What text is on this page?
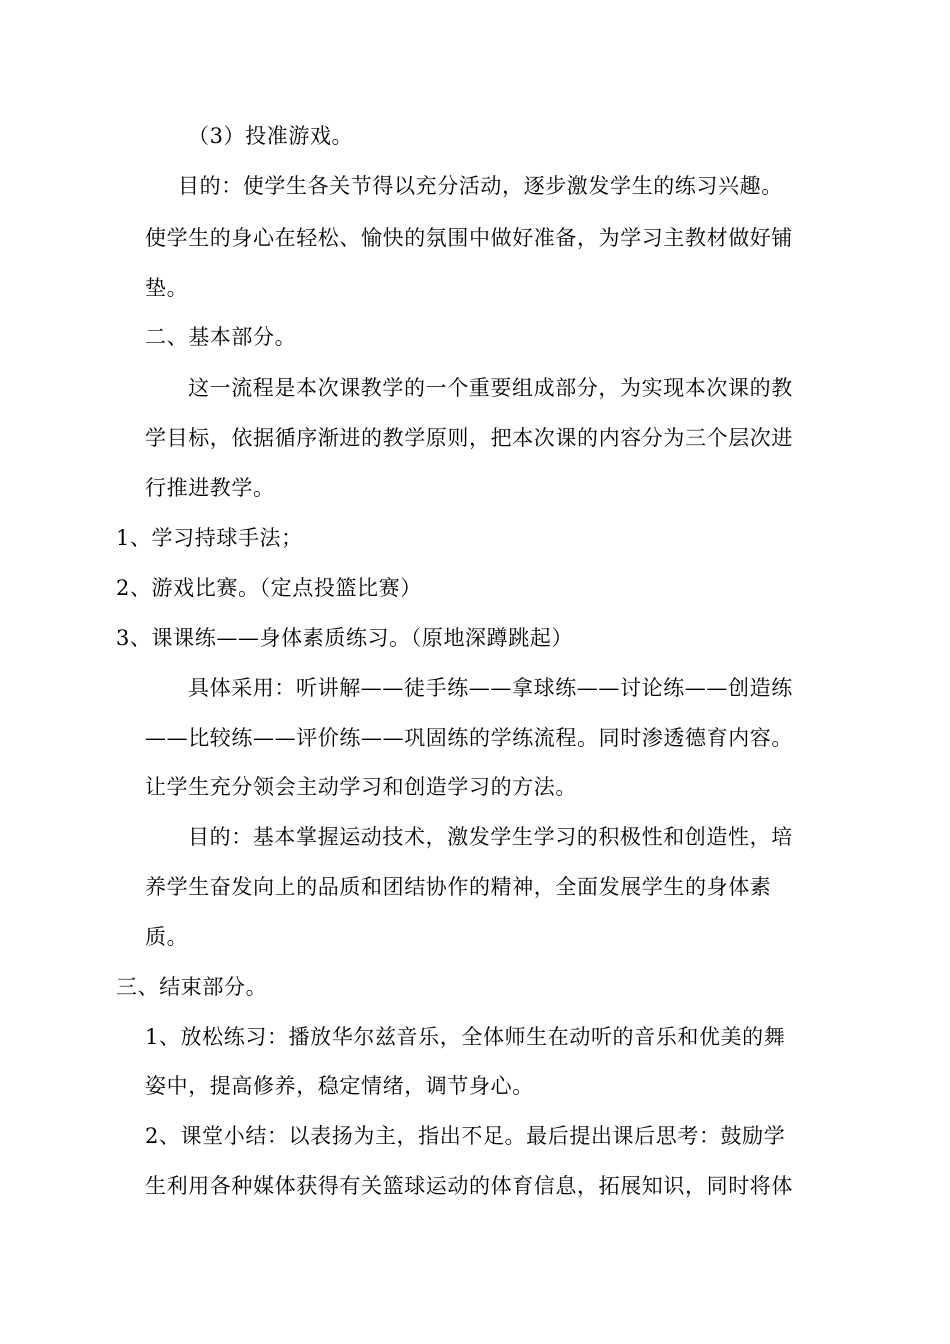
（3）投准游戏。
目的：使学生各关节得以充分活动，逐步激发学生的练习兴趣。
使学生的身心在轻松、愉快的氛围中做好准备，为学习主教材做好铺
垫。
二、基本部分。
这一流程是本次课教学的一个重要组成部分，为实现本次课的教
学目标，依据循序渐进的教学原则，把本次课的内容分为三个层次进
行推进教学。
1、学习持球手法；
2、游戏比赛。（定点投篮比赛）
3、课课练——身体素质练习。（原地深蹲跳起）
具体采用：听讲解——徒手练——拿球练——讨论练——创造练
——比较练——评价练——巩固练的学练流程。同时渗透德育内容。
让学生充分领会主动学习和创造学习的方法。
目的：基本掌握运动技术，激发学生学习的积极性和创造性，培
养学生奋发向上的品质和团结协作的精神，全面发展学生的身体素
质。
三、结束部分。
1、放松练习：播放华尔兹音乐，全体师生在动听的音乐和优美的舞
姿中，提高修养，稳定情绪，调节身心。
2、课堂小结：以表扬为主，指出不足。最后提出课后思考：鼓励学
生利用各种媒体获得有关篮球运动的体育信息，拓展知识，同时将体
